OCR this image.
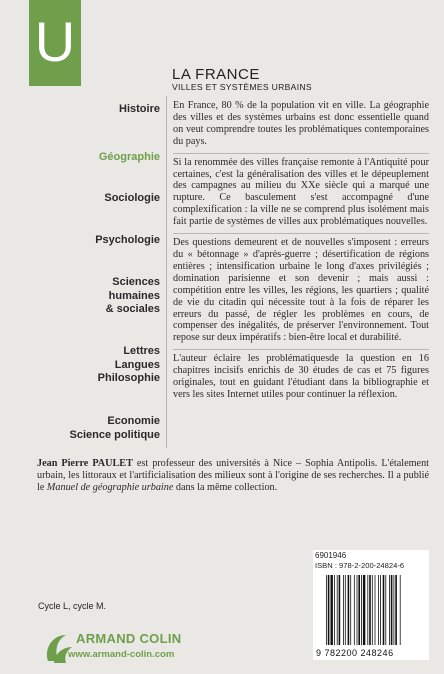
U
LA FRANCE
VILLES ET SYSTÈMES URBAINS
Histoire
Géographie
Sociologie
Psychologie
Sciences
humaines
& sociales
Lettres
Langues
Philosophie
Economie
Science politique

En France, 80 % de la population vit en ville. La géographie des villes et des systèmes urbains est donc essentielle quand on veut comprendre toutes les problématiques contemporaines du pays.

Si la renommée des villes française remonte à l'Antiquité pour certaines, c'est la généralisation des villes et le dépeuplement des campagnes au milieu du XXe siècle qui a marqué une rupture. Ce basculement s'est accompagné d'une complexification : la ville ne se comprend plus isolément mais fait partie de systèmes de villes aux problématiques nouvelles.

Des questions demeurent et de nouvelles s'imposent : erreurs du « bétonnage » d'après-guerre ; désertification de régions entières ; intensification urbaine le long d'axes privilégiés ; domination parisienne et son devenir ; mais aussi : compétition entre les villes, les régions, les quartiers ; qualité de vie du citadin qui nécessite tout à la fois de réparer les erreurs du passé, de régler les problèmes en cours, de compenser des inégalités, de préserver l'environnement. Tout repose sur deux impératifs : bien-être local et durabilité.

L'auteur éclaire les problématiquesde la question en 16 chapitres incisifs enrichis de 30 études de cas et 75 figures originales, tout en guidant l'étudiant dans la bibliographie et vers les sites Internet utiles pour continuer la réflexion.

Jean Pierre PAULET est professeur des universités à Nice – Sophia Antipolis. L'étalement urbain, les littoraux et l'artificialisation des milieux sont à l'origine de ses recherches. Il a publié le Manuel de géographie urbaine dans la même collection.
Cycle L, cycle M.
ARMAND COLIN
www.armand-colin.com
6901946
ISBN : 978-2-200-24824-6
9 782200 248246
